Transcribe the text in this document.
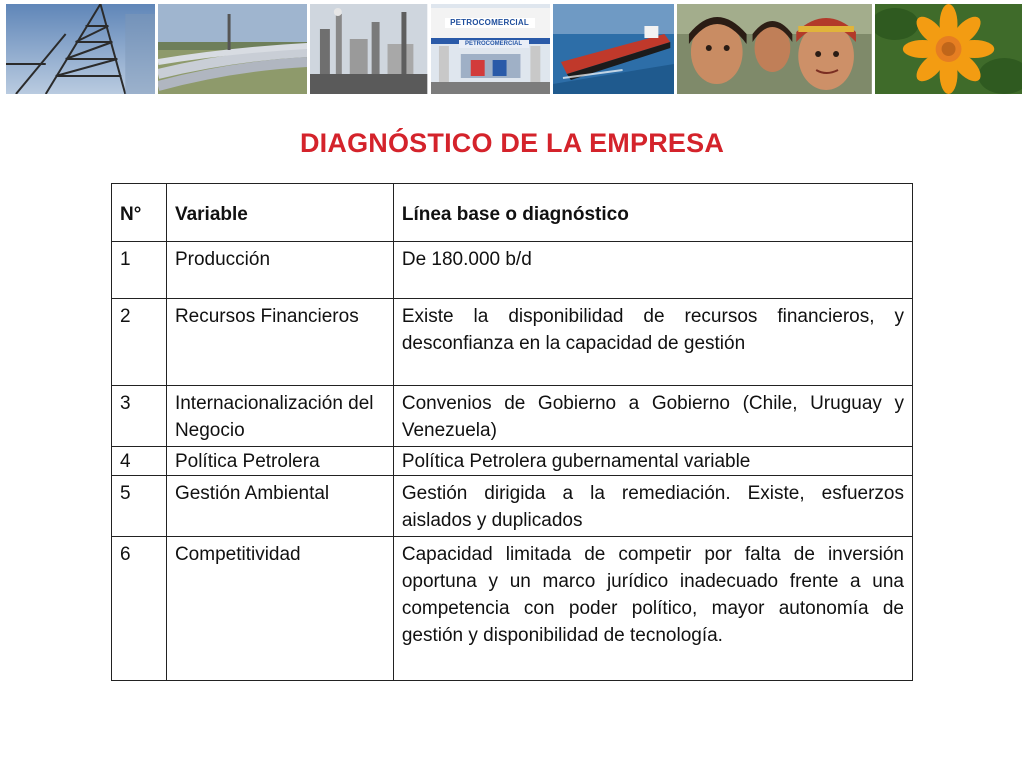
PETROCOMERCIAL
PETROCOMERCIAL
DIAGNÓSTICO DE LA EMPRESA
N°	Variable	Línea base o diagnóstico
1	Producción	De 180.000 b/d
2	Recursos Financieros	Existe la disponibilidad de recursos financieros, y desconfianza en la capacidad de gestión
3	Internacionalización del Negocio	Convenios de Gobierno a Gobierno (Chile, Uruguay y Venezuela)
4	Política Petrolera	Política Petrolera gubernamental variable
5	Gestión Ambiental	Gestión dirigida a la remediación. Existe, esfuerzos aislados y duplicados
6	Competitividad	Capacidad limitada de competir por falta de inversión oportuna y un marco jurídico inadecuado frente a una competencia con poder político, mayor autonomía de gestión y disponibilidad de tecnología.
